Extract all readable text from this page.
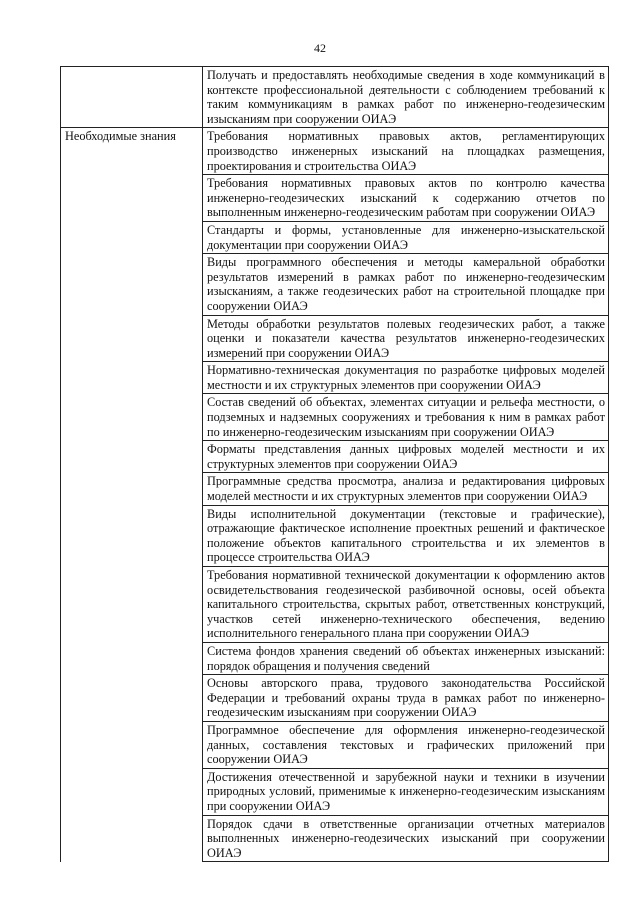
42
	Получать и предоставлять необходимые сведения в ходе коммуникаций в контексте профессиональной деятельности с соблюдением требований к таким коммуникациям в рамках работ по инженерно-геодезическим изысканиям при сооружении ОИАЭ
Необходимые знания	Требования нормативных правовых актов, регламентирующих производство инженерных изысканий на площадках размещения, проектирования и строительства ОИАЭ
	Требования нормативных правовых актов по контролю качества инженерно-геодезических изысканий к содержанию отчетов по выполненным инженерно-геодезическим работам при сооружении ОИАЭ
	Стандарты и формы, установленные для инженерно-изыскательской документации при сооружении ОИАЭ
	Виды программного обеспечения и методы камеральной обработки результатов измерений в рамках работ по инженерно-геодезическим изысканиям, а также геодезических работ на строительной площадке при сооружении ОИАЭ
	Методы обработки результатов полевых геодезических работ, а также оценки и показатели качества результатов инженерно-геодезических измерений при сооружении ОИАЭ
	Нормативно-техническая документация по разработке цифровых моделей местности и их структурных элементов при сооружении ОИАЭ
	Состав сведений об объектах, элементах ситуации и рельефа местности, о подземных и надземных сооружениях и требования к ним в рамках работ по инженерно-геодезическим изысканиям при сооружении ОИАЭ
	Форматы представления данных цифровых моделей местности и их структурных элементов при сооружении ОИАЭ
	Программные средства просмотра, анализа и редактирования цифровых моделей местности и их структурных элементов при сооружении ОИАЭ
	Виды исполнительной документации (текстовые и графические), отражающие фактическое исполнение проектных решений и фактическое положение объектов капитального строительства и их элементов в процессе строительства ОИАЭ
	Требования нормативной технической документации к оформлению актов освидетельствования геодезической разбивочной основы, осей объекта капитального строительства, скрытых работ, ответственных конструкций, участков сетей инженерно-технического обеспечения, ведению исполнительного генерального плана при сооружении ОИАЭ
	Система фондов хранения сведений об объектах инженерных изысканий: порядок обращения и получения сведений
	Основы авторского права, трудового законодательства Российской Федерации и требований охраны труда в рамках работ по инженерно-геодезическим изысканиям при сооружении ОИАЭ
	Программное обеспечение для оформления инженерно-геодезической данных, составления текстовых и графических приложений при сооружении ОИАЭ
	Достижения отечественной и зарубежной науки и техники в изучении природных условий, применимые к инженерно-геодезическим изысканиям при сооружении ОИАЭ
	Порядок сдачи в ответственные организации отчетных материалов выполненных инженерно-геодезических изысканий при сооружении ОИАЭ
